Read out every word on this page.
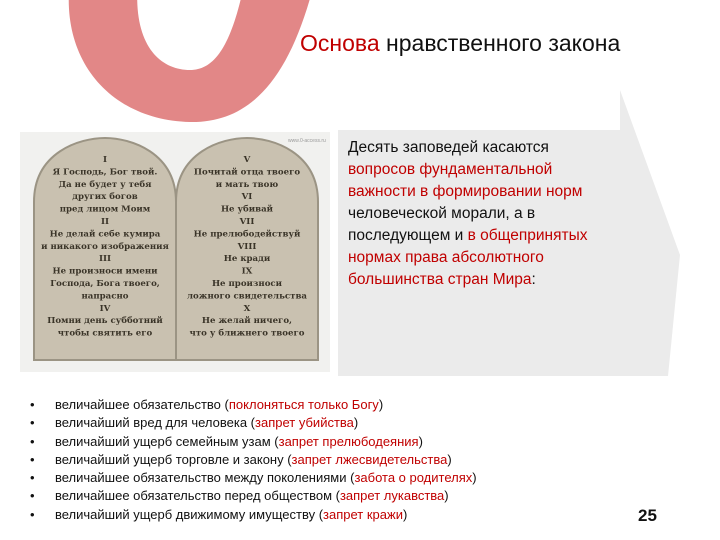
Основа нравственного закона
www.0-access.ru
I
Я Господь, Бог твой.
Да не будет у тебя
других богов
пред лицом Моим
II
Не делай себе кумира
и никакого изображения
III
Не произноси имени
Господа, Бога твоего,
напрасно
IV
Помни день субботний
чтобы святить его
V
Почитай отца твоего
и мать твою
VI
Не убивай
VII
Не прелюбодействуй
VIII
Не кради
IX
Не произноси
ложного свидетельства
X
Не желай ничего,
что у ближнего твоего
Десять заповедей касаются вопросов фундаментальной важности в формировании норм человеческой морали, а в последующем и в общепринятых нормах права абсолютного большинства стран Мира:
• величайшее обязательство (поклоняться только Богу)
• величайший вред для человека (запрет убийства)
• величайший ущерб семейным узам (запрет прелюбодеяния)
• величайший ущерб торговле и закону (запрет лжесвидетельства)
• величайшее обязательство между поколениями (забота о родителях)
• величайшее обязательство перед обществом (запрет лукавства)
• величайший ущерб движимому имуществу (запрет кражи)	25
